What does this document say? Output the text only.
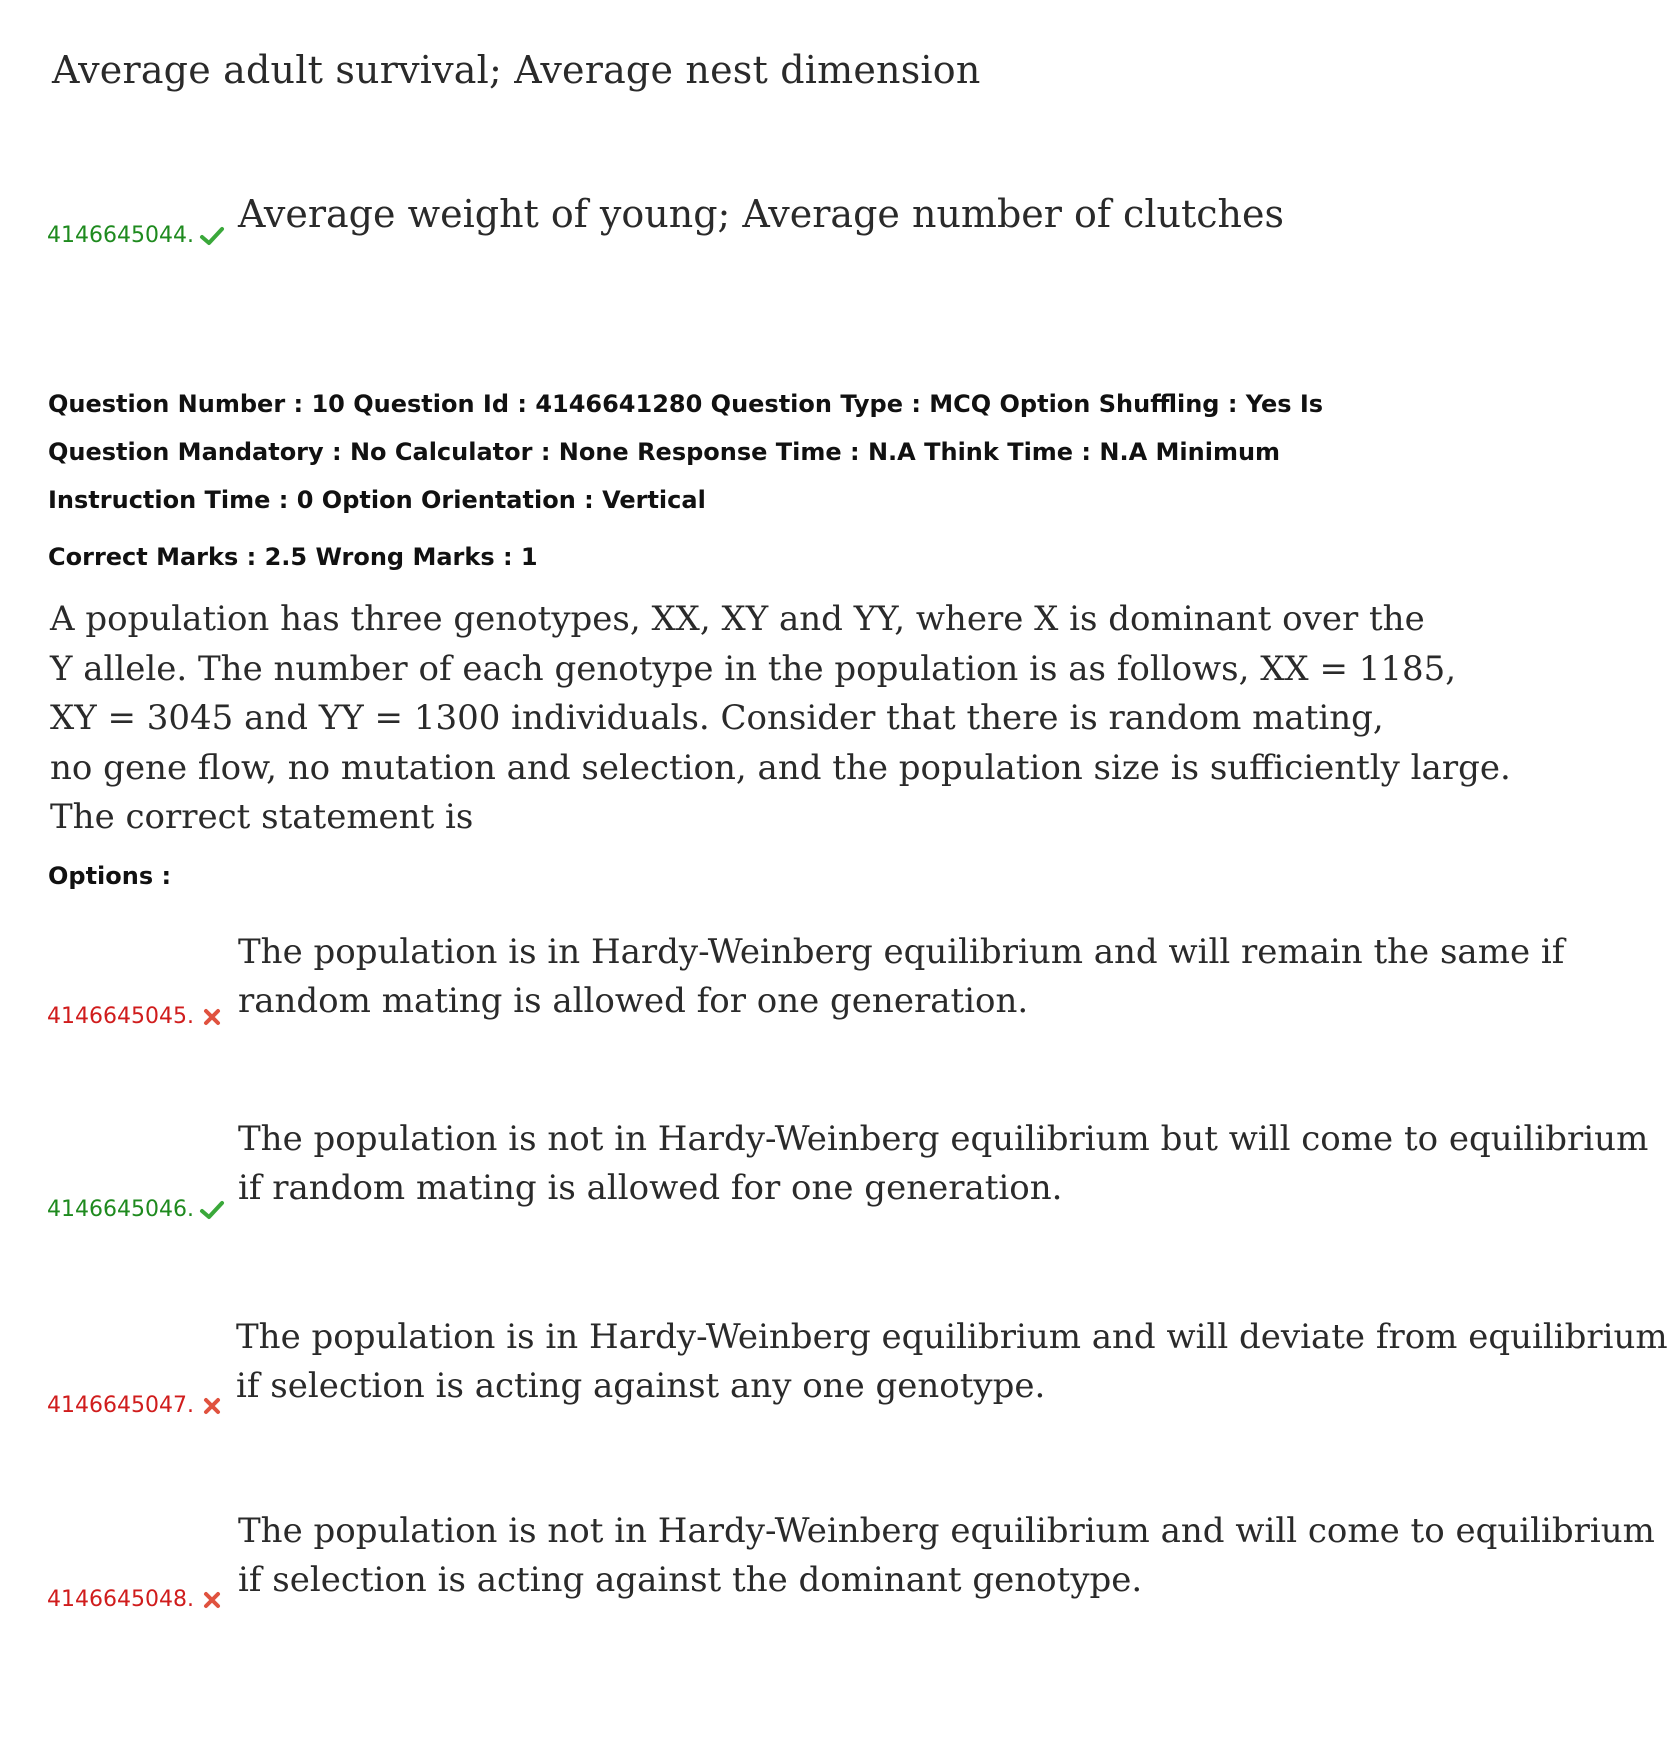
Average adult survival; Average nest dimension
4146645044. Average weight of young; Average number of clutches
Question Number : 10 Question Id : 4146641280 Question Type : MCQ Option Shuffling : Yes Is
Question Mandatory : No Calculator : None Response Time : N.A Think Time : N.A Minimum
Instruction Time : 0 Option Orientation : Vertical
Correct Marks : 2.5 Wrong Marks : 1
A population has three genotypes, XX, XY and YY, where X is dominant over the
Y allele. The number of each genotype in the population is as follows, XX = 1185,
XY = 3045 and YY = 1300 individuals. Consider that there is random mating,
no gene flow, no mutation and selection, and the population size is sufficiently large.
The correct statement is
Options :
The population is in Hardy-Weinberg equilibrium and will remain the same if
random mating is allowed for one generation.
4146645045.
The population is not in Hardy-Weinberg equilibrium but will come to equilibrium
if random mating is allowed for one generation.
4146645046.
The population is in Hardy-Weinberg equilibrium and will deviate from equilibrium
if selection is acting against any one genotype.
4146645047.
The population is not in Hardy-Weinberg equilibrium and will come to equilibrium
if selection is acting against the dominant genotype.
4146645048.
